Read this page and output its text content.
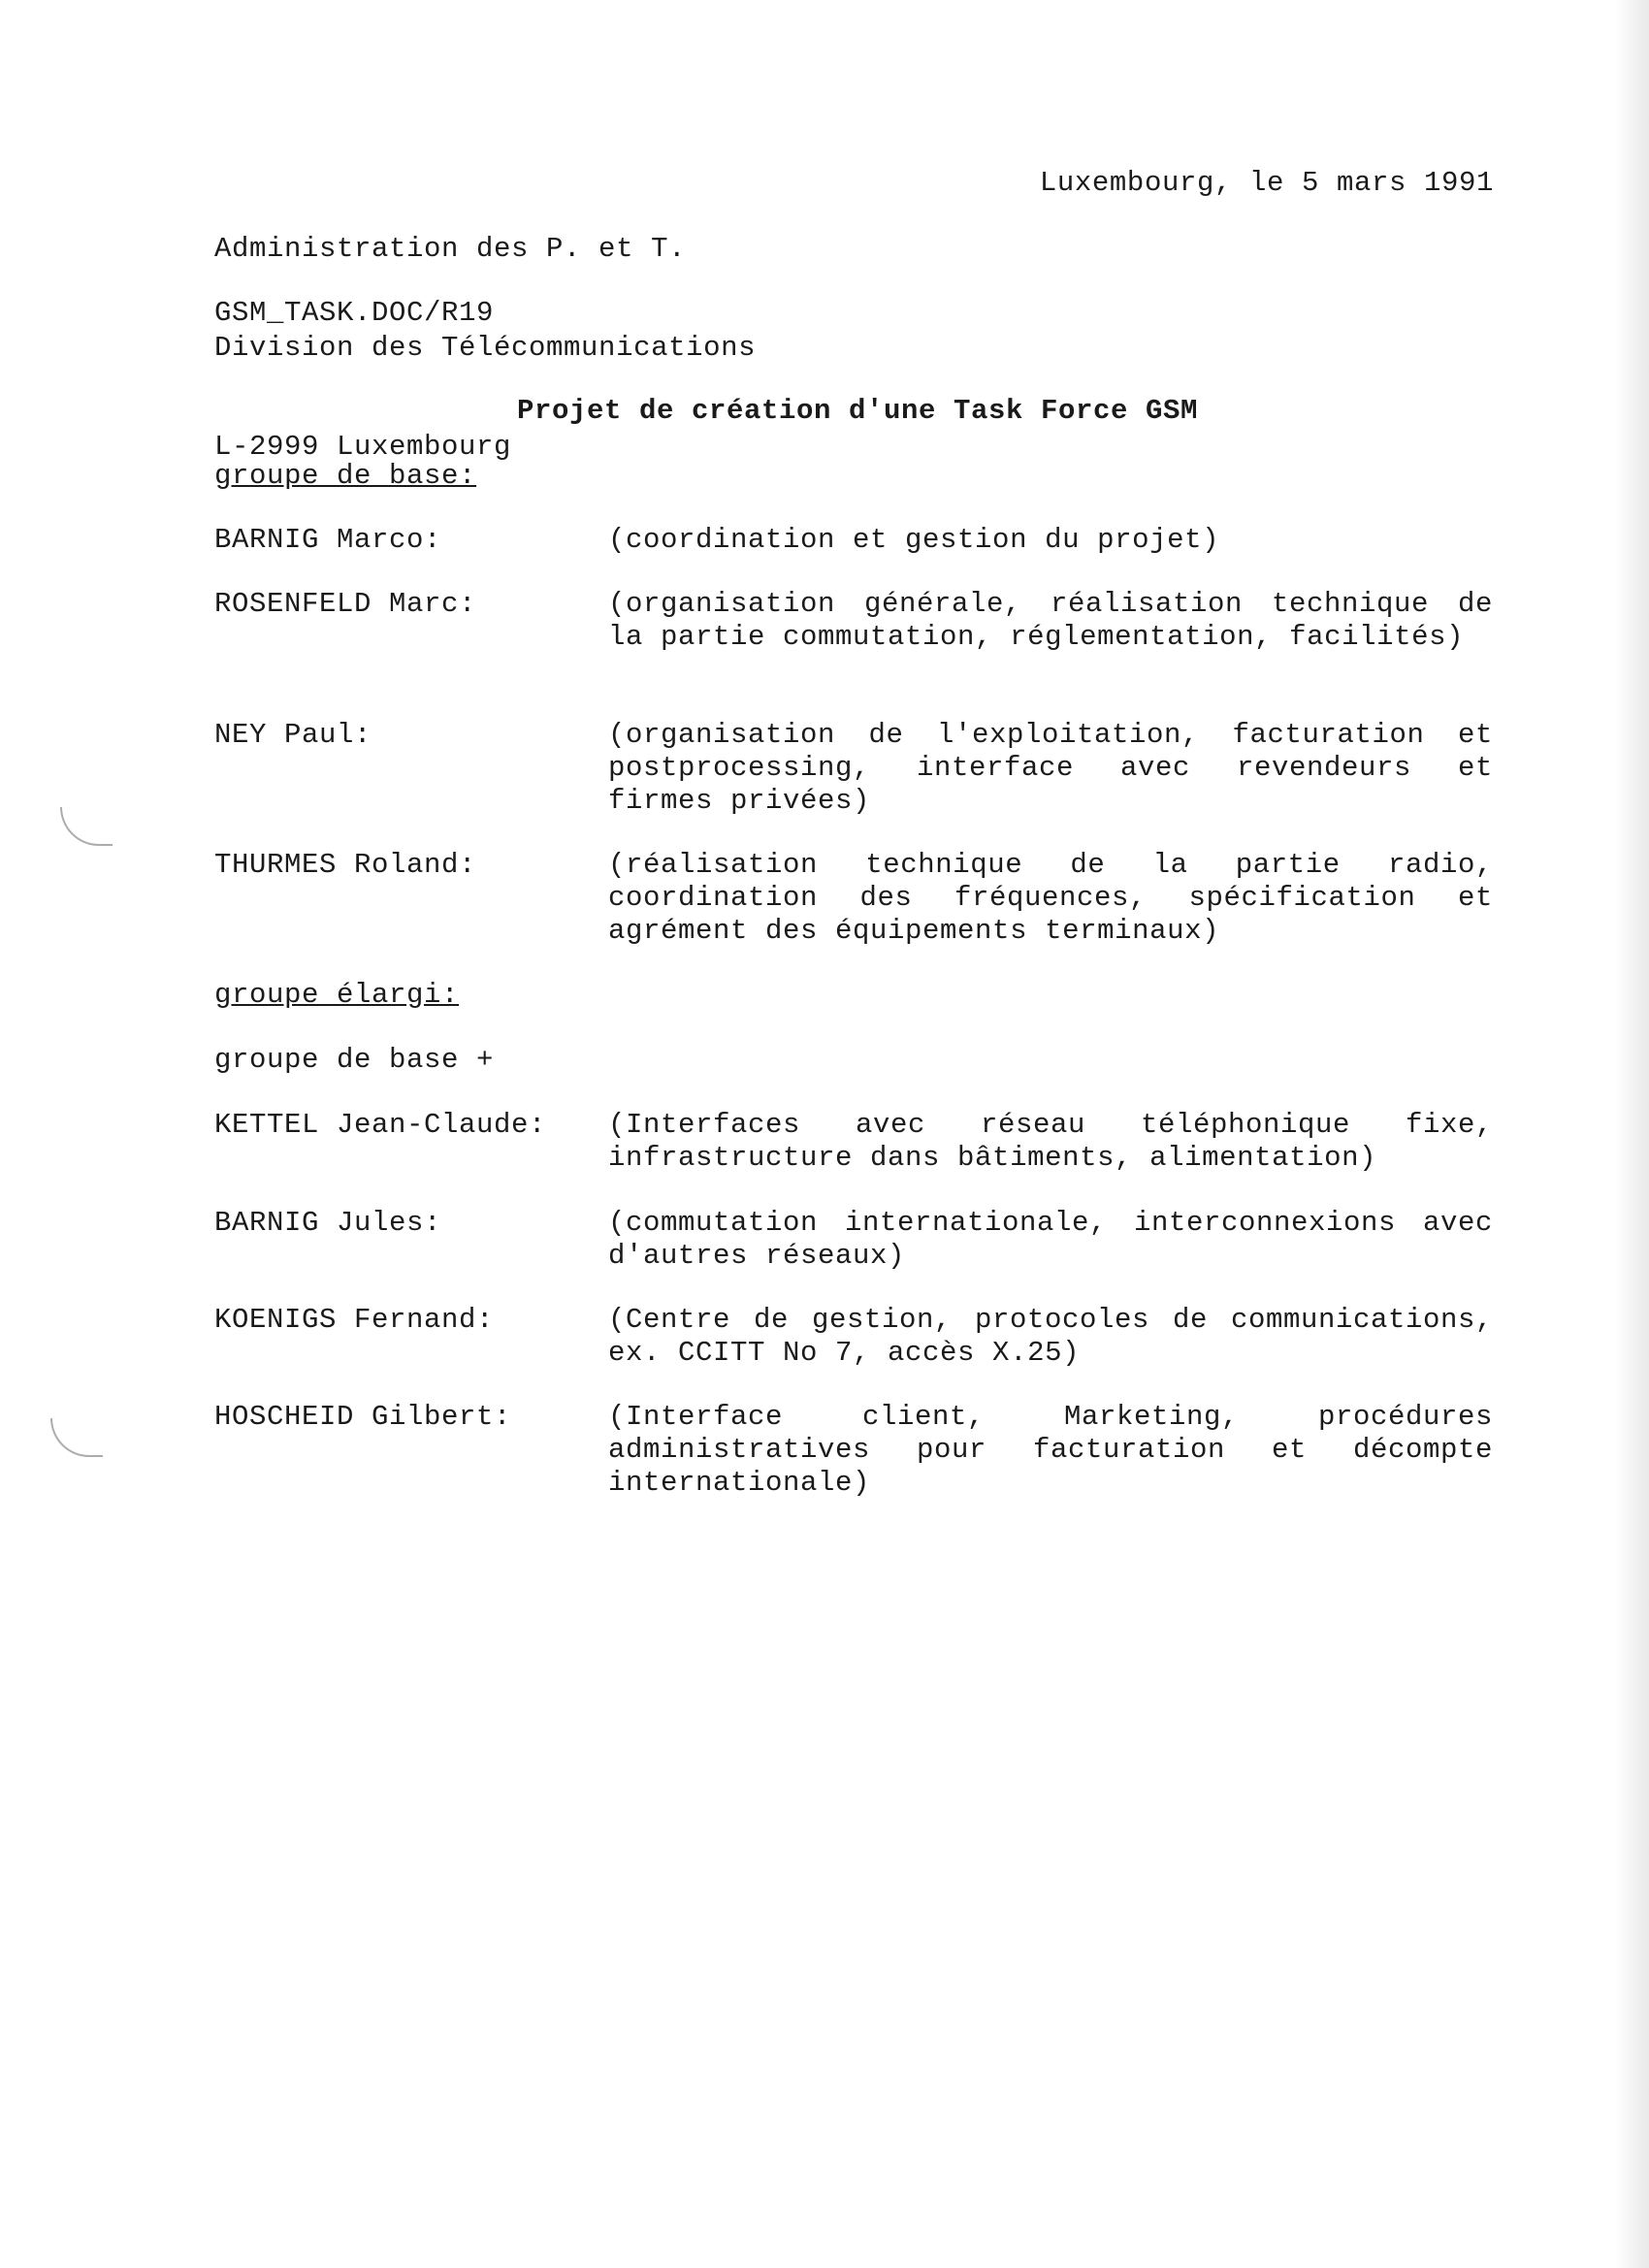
Administration des P. et T.

Division des Télécommunications

L-2999 Luxembourg

Luxembourg, le 5 mars 1991
GSM_TASK.DOC/R19
Projet de création d'une Task Force GSM
groupe de base:
BARNIG Marco:	(coordination et gestion du projet)
ROSENFELD Marc:	(organisation générale, réalisation technique de la partie commutation, réglementation, facilités)
NEY Paul:	(organisation de l'exploitation, facturation et postprocessing, interface avec revendeurs et firmes privées)
THURMES Roland:	(réalisation technique de la partie radio, coordination des fréquences, spécification et agrément des équipements terminaux)
groupe élargi:
groupe de base +
KETTEL Jean-Claude: (Interfaces avec réseau téléphonique fixe, infrastructure dans bâtiments, alimentation)
BARNIG Jules:	(commutation internationale, interconnexions avec d'autres réseaux)
KOENIGS Fernand:	(Centre de gestion, protocoles de communications, ex. CCITT No 7, accès X.25)
HOSCHEID Gilbert:	(Interface client, Marketing, procédures administratives pour facturation et décompte internationale)
